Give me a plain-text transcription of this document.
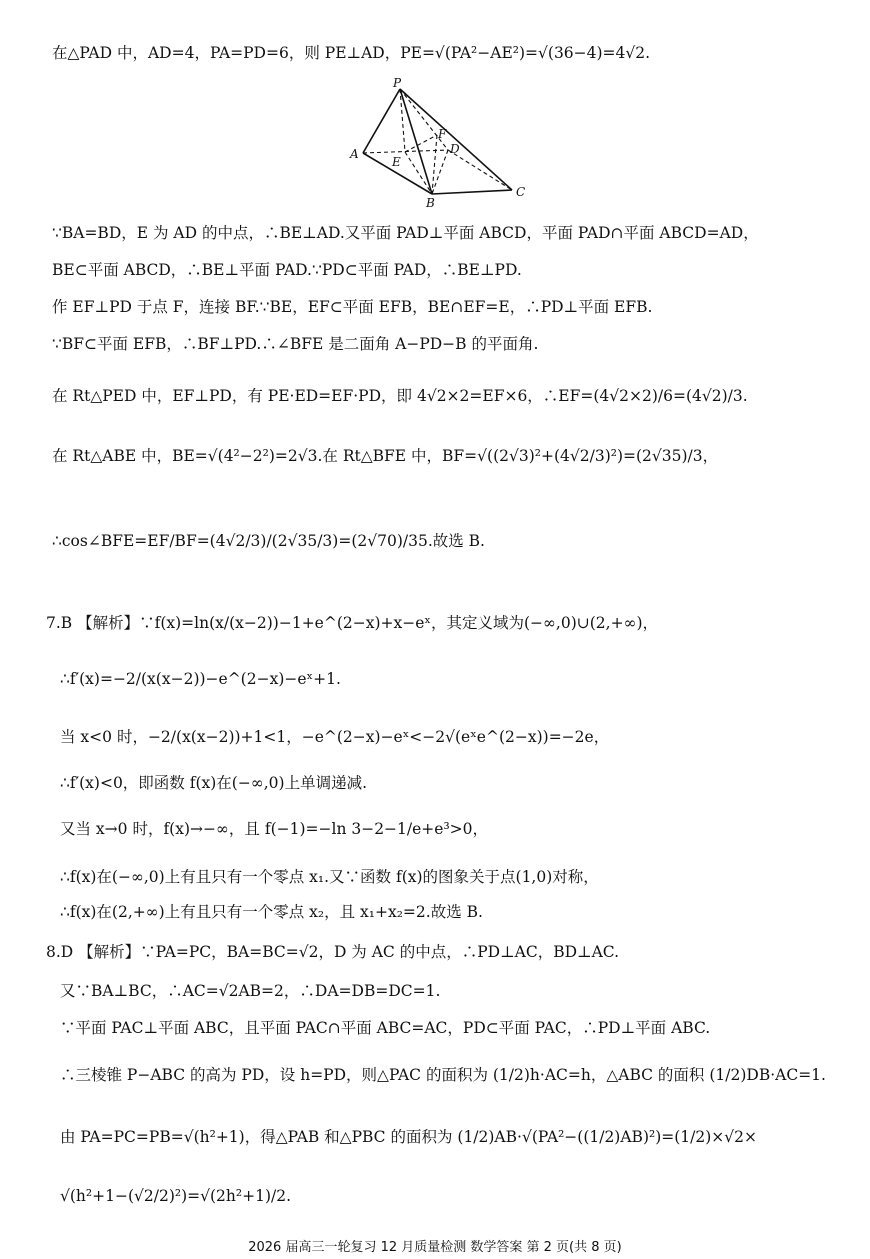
在△PAD 中，AD=4，PA=PD=6，则 PE⊥AD，PE=√(PA²−AE²)=√(36−4)=4√2.
P
A
E
F
D
B
C
∵BA=BD，E 为 AD 的中点，∴BE⊥AD.又平面 PAD⊥平面 ABCD，平面 PAD∩平面 ABCD=AD，
BE⊂平面 ABCD，∴BE⊥平面 PAD.∵PD⊂平面 PAD，∴BE⊥PD.
作 EF⊥PD 于点 F，连接 BF.∵BE，EF⊂平面 EFB，BE∩EF=E，∴PD⊥平面 EFB.
∵BF⊂平面 EFB，∴BF⊥PD.∴∠BFE 是二面角 A−PD−B 的平面角.
在 Rt△PED 中，EF⊥PD，有 PE·ED=EF·PD，即 4√2×2=EF×6，∴EF=(4√2×2)/6=(4√2)/3.
在 Rt△ABE 中，BE=√(4²−2²)=2√3.在 Rt△BFE 中，BF=√((2√3)²+(4√2/3)²)=(2√35)/3，
∴cos∠BFE=EF/BF=(4√2/3)/(2√35/3)=(2√70)/35.故选 B.
7.B 【解析】∵f(x)=ln(x/(x−2))−1+e^(2−x)+x−eˣ，其定义域为(−∞,0)∪(2,+∞)，
∴f′(x)=−2/(x(x−2))−e^(2−x)−eˣ+1.
当 x<0 时，−2/(x(x−2))+1<1，−e^(2−x)−eˣ<−2√(eˣe^(2−x))=−2e，
∴f′(x)<0，即函数 f(x)在(−∞,0)上单调递减.
又当 x→0 时，f(x)→−∞，且 f(−1)=−ln 3−2−1/e+e³>0，
∴f(x)在(−∞,0)上有且只有一个零点 x₁.又∵函数 f(x)的图象关于点(1,0)对称，
∴f(x)在(2,+∞)上有且只有一个零点 x₂，且 x₁+x₂=2.故选 B.
8.D 【解析】∵PA=PC，BA=BC=√2，D 为 AC 的中点，∴PD⊥AC，BD⊥AC.
又∵BA⊥BC，∴AC=√2AB=2，∴DA=DB=DC=1.
∵平面 PAC⊥平面 ABC，且平面 PAC∩平面 ABC=AC，PD⊂平面 PAC，∴PD⊥平面 ABC.
∴三棱锥 P−ABC 的高为 PD，设 h=PD，则△PAC 的面积为 (1/2)h·AC=h，△ABC 的面积 (1/2)DB·AC=1.
由 PA=PC=PB=√(h²+1)，得△PAB 和△PBC 的面积为 (1/2)AB·√(PA²−((1/2)AB)²)=(1/2)×√2×
√(h²+1−(√2/2)²)=√(2h²+1)/2.
2026 届高三一轮复习 12 月质量检测 数学答案 第 2 页(共 8 页)
